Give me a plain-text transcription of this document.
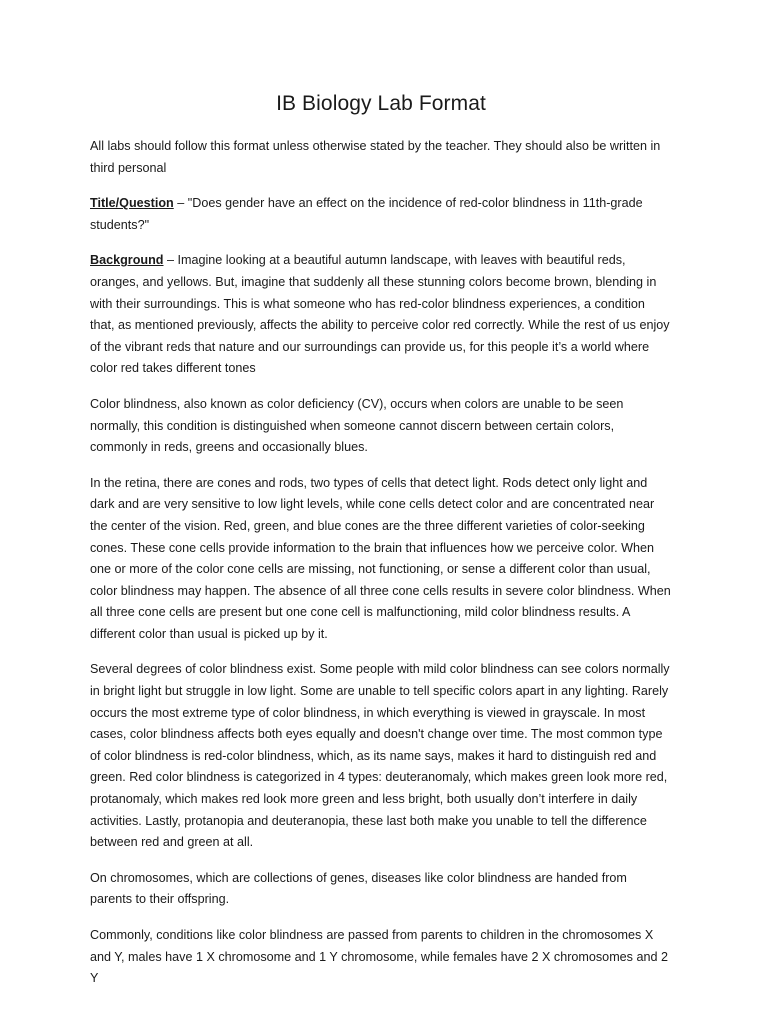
IB Biology Lab Format

All labs should follow this format unless otherwise stated by the teacher. They should also be written in third personal

Title/Question – "Does gender have an effect on the incidence of red-color blindness in 11th-grade students?"

Background – Imagine looking at a beautiful autumn landscape, with leaves with beautiful reds, oranges, and yellows. But, imagine that suddenly all these stunning colors become brown, blending in with their surroundings. This is what someone who has red-color blindness experiences, a condition that, as mentioned previously, affects the ability to perceive color red correctly. While the rest of us enjoy of the vibrant reds that nature and our surroundings can provide us, for this people it’s a world where color red takes different tones

Color blindness, also known as color deficiency (CV), occurs when colors are unable to be seen normally, this condition is distinguished when someone cannot discern between certain colors, commonly in reds, greens and occasionally blues.

In the retina, there are cones and rods, two types of cells that detect light. Rods detect only light and dark and are very sensitive to low light levels, while cone cells detect color and are concentrated near the center of the vision. Red, green, and blue cones are the three different varieties of color-seeking cones. These cone cells provide information to the brain that influences how we perceive color. When one or more of the color cone cells are missing, not functioning, or sense a different color than usual, color blindness may happen. The absence of all three cone cells results in severe color blindness. When all three cone cells are present but one cone cell is malfunctioning, mild color blindness results. A different color than usual is picked up by it.

Several degrees of color blindness exist. Some people with mild color blindness can see colors normally in bright light but struggle in low light. Some are unable to tell specific colors apart in any lighting. Rarely occurs the most extreme type of color blindness, in which everything is viewed in grayscale. In most cases, color blindness affects both eyes equally and doesn't change over time. The most common type of color blindness is red-color blindness, which, as its name says, makes it hard to distinguish red and green. Red color blindness is categorized in 4 types: deuteranomaly, which makes green look more red, protanomaly, which makes red look more green and less bright, both usually don’t interfere in daily activities. Lastly, protanopia and deuteranopia, these last both make you unable to tell the difference between red and green at all.

On chromosomes, which are collections of genes, diseases like color blindness are handed from parents to their offspring.

Commonly, conditions like color blindness are passed from parents to children in the chromosomes X and Y, males have 1 X chromosome and 1 Y chromosome, while females have 2 X chromosomes and 2 Y
